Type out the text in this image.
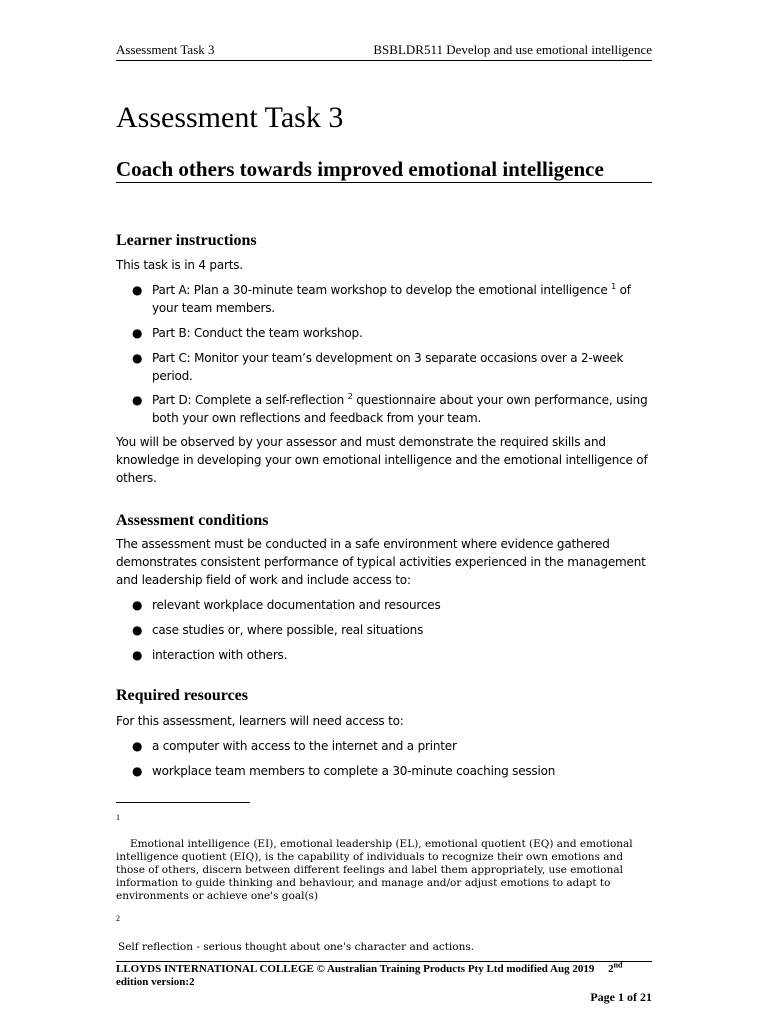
Assessment Task 3	BSBLDR511 Develop and use emotional intelligence
Assessment Task 3
Coach others towards improved emotional intelligence
Learner instructions
This task is in 4 parts.
● Part A: Plan a 30-minute team workshop to develop the emotional intelligence $^1$ of your team members.
● Part B: Conduct the team workshop.
● Part C: Monitor your team’s development on 3 separate occasions over a 2-week period.
● Part D: Complete a self-reflection $^2$ questionnaire about your own performance, using both your own reflections and feedback from your team.
You will be observed by your assessor and must demonstrate the required skills and knowledge in developing your own emotional intelligence and the emotional intelligence of others.
Assessment conditions
The assessment must be conducted in a safe environment where evidence gathered demonstrates consistent performance of typical activities experienced in the management and leadership field of work and include access to:
● relevant workplace documentation and resources
● case studies or, where possible, real situations
● interaction with others.
Required resources
For this assessment, learners will need access to:
● a computer with access to the internet and a printer
● workplace team members to complete a 30-minute coaching session
1
Emotional intelligence (EI), emotional leadership (EL), emotional quotient (EQ) and emotional intelligence quotient (EIQ), is the capability of individuals to recognize their own emotions and those of others, discern between different feelings and label them appropriately, use emotional information to guide thinking and behaviour, and manage and/or adjust emotions to adapt to environments or achieve one's goal(s)
2
Self reflection - serious thought about one's character and actions.
LLOYDS INTERNATIONAL COLLEGE © Australian Training Products Pty Ltd modified Aug 2019     2nd
edition version:2
Page 1 of 21
